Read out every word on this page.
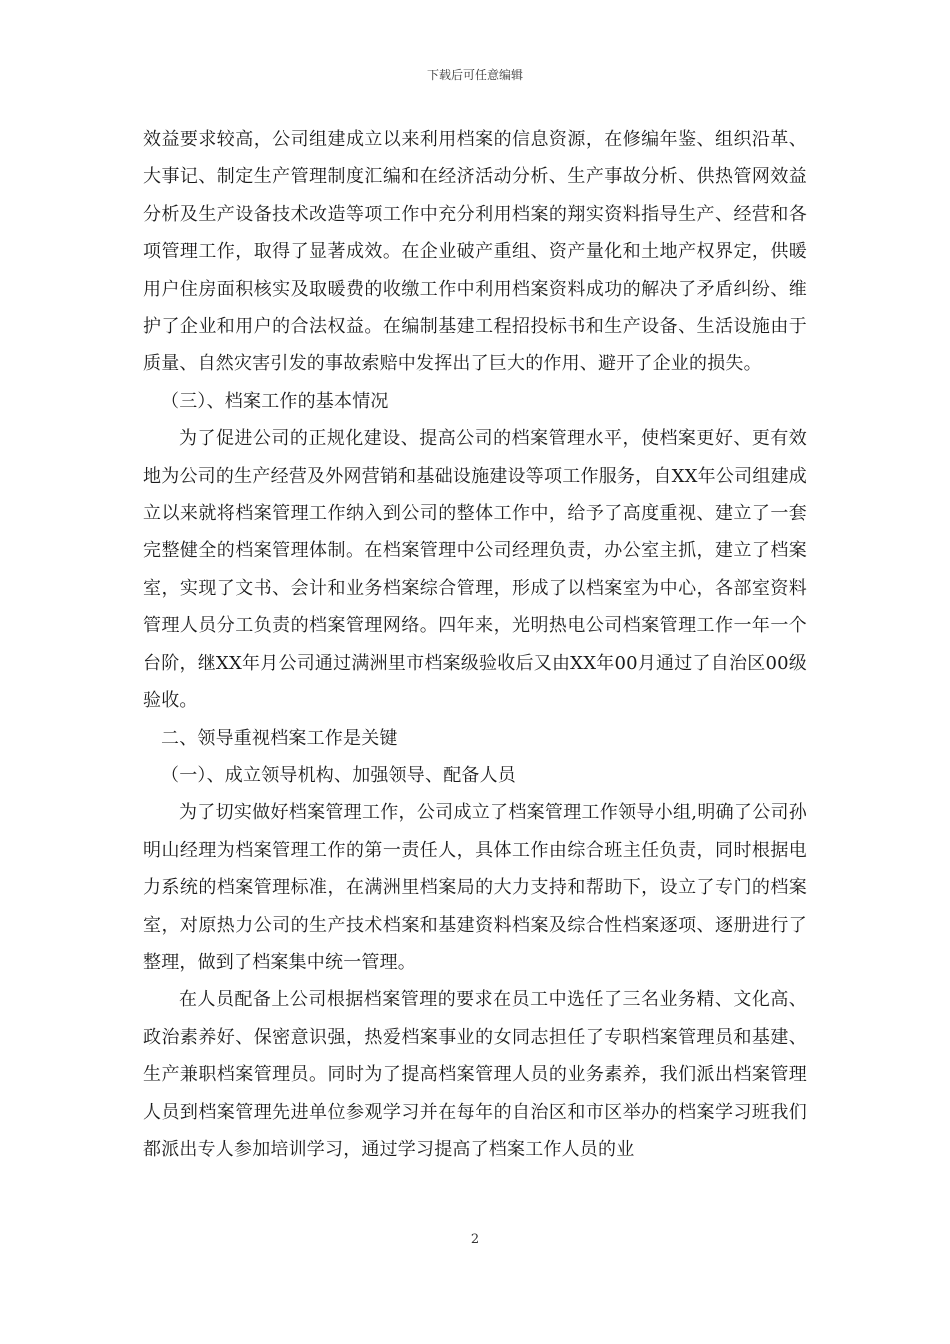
下载后可任意编辑

效益要求较高，公司组建成立以来利用档案的信息资源，在修编年鉴、组织沿革、大事记、制定生产管理制度汇编和在经济活动分析、生产事故分析、供热管网效益分析及生产设备技术改造等项工作中充分利用档案的翔实资料指导生产、经营和各项管理工作，取得了显著成效。在企业破产重组、资产量化和土地产权界定，供暖用户住房面积核实及取暖费的收缴工作中利用档案资料成功的解决了矛盾纠纷、维护了企业和用户的合法权益。在编制基建工程招投标书和生产设备、生活设施由于质量、自然灾害引发的事故索赔中发挥出了巨大的作用、避开了企业的损失。

（三）、档案工作的基本情况

为了促进公司的正规化建设、提高公司的档案管理水平，使档案更好、更有效地为公司的生产经营及外网营销和基础设施建设等项工作服务，自XX年公司组建成立以来就将档案管理工作纳入到公司的整体工作中，给予了高度重视、建立了一套完整健全的档案管理体制。在档案管理中公司经理负责，办公室主抓，建立了档案室，实现了文书、会计和业务档案综合管理，形成了以档案室为中心，各部室资料管理人员分工负责的档案管理网络。四年来，光明热电公司档案管理工作一年一个台阶，继XX年月公司通过满洲里市档案级验收后又由XX年00月通过了自治区00级验收。

二、领导重视档案工作是关键

（一）、成立领导机构、加强领导、配备人员

为了切实做好档案管理工作，公司成立了档案管理工作领导小组,明确了公司孙明山经理为档案管理工作的第一责任人，具体工作由综合班主任负责，同时根据电力系统的档案管理标准，在满洲里档案局的大力支持和帮助下，设立了专门的档案室，对原热力公司的生产技术档案和基建资料档案及综合性档案逐项、逐册进行了整理，做到了档案集中统一管理。

在人员配备上公司根据档案管理的要求在员工中选任了三名业务精、文化高、政治素养好、保密意识强，热爱档案事业的女同志担任了专职档案管理员和基建、生产兼职档案管理员。同时为了提高档案管理人员的业务素养，我们派出档案管理人员到档案管理先进单位参观学习并在每年的自治区和市区举办的档案学习班我们都派出专人参加培训学习，通过学习提高了档案工作人员的业

2
